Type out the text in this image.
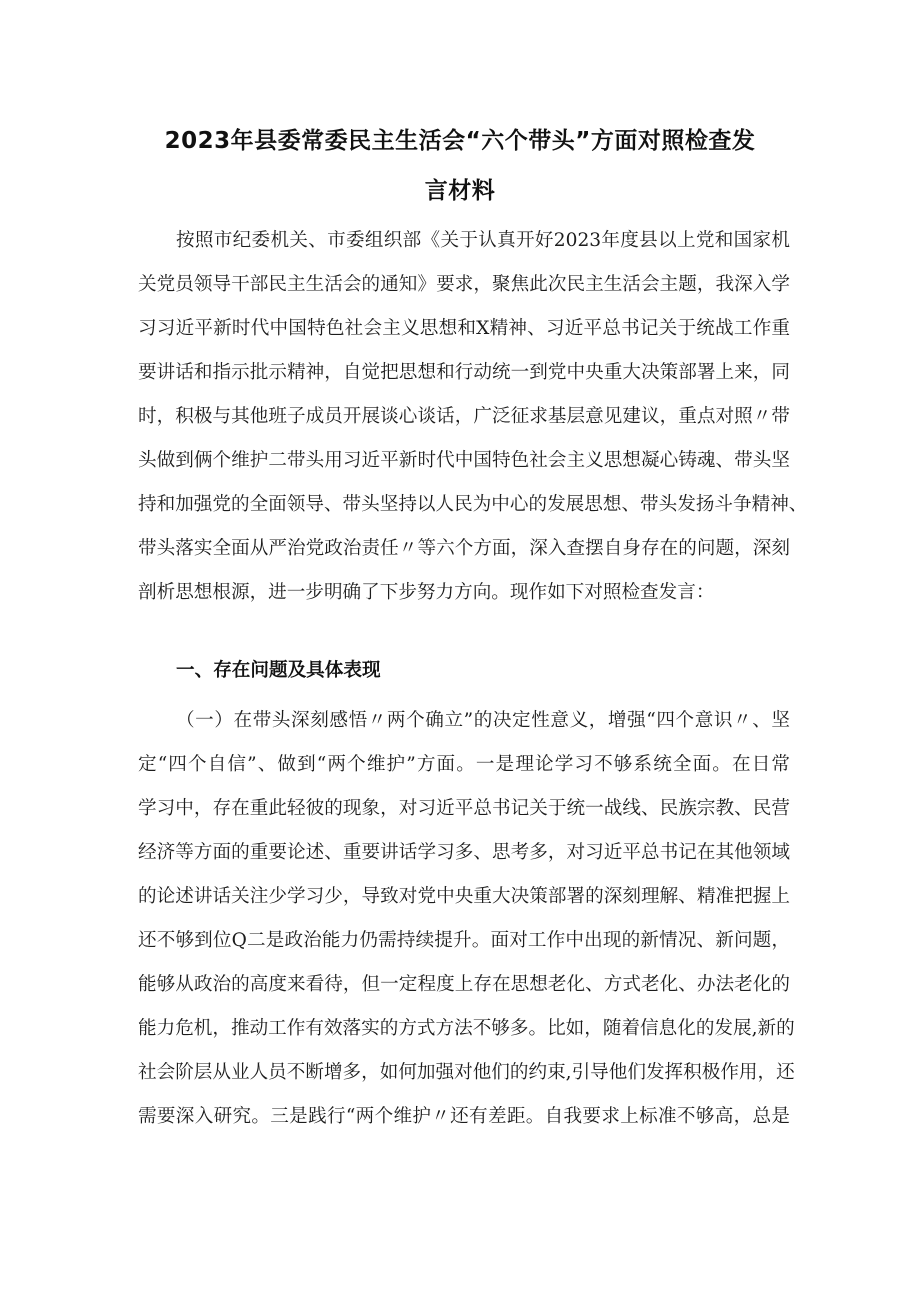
2023年县委常委民主生活会“六个带头”方面对照检查发
言材料
按照市纪委机关、市委组织部《关于认真开好2023年度县以上党和国家机
关党员领导干部民主生活会的通知》要求，聚焦此次民主生活会主题，我深入学
习习近平新时代中国特色社会主义思想和X精神、习近平总书记关于统战工作重
要讲话和指示批示精神，自觉把思想和行动统一到党中央重大决策部署上来，同
时，积极与其他班子成员开展谈心谈话，广泛征求基层意见建议，重点对照〃带
头做到俩个维护二带头用习近平新时代中国特色社会主义思想凝心铸魂、带头坚
持和加强党的全面领导、带头坚持以人民为中心的发展思想、带头发扬斗争精神、
带头落实全面从严治党政治责任〃等六个方面，深入查摆自身存在的问题，深刻
剖析思想根源，进一步明确了下步努力方向。现作如下对照检查发言：
一、存在问题及具体表现
（一）在带头深刻感悟〃两个确立”的决定性意义，增强“四个意识〃、坚
定“四个自信”、做到“两个维护”方面。一是理论学习不够系统全面。在日常
学习中，存在重此轻彼的现象，对习近平总书记关于统一战线、民族宗教、民营
经济等方面的重要论述、重要讲话学习多、思考多，对习近平总书记在其他领域
的论述讲话关注少学习少，导致对党中央重大决策部署的深刻理解、精准把握上
还不够到位Q二是政治能力仍需持续提升。面对工作中出现的新情况、新问题，
能够从政治的高度来看待，但一定程度上存在思想老化、方式老化、办法老化的
能力危机，推动工作有效落实的方式方法不够多。比如，随着信息化的发展,新的
社会阶层从业人员不断增多，如何加强对他们的约束,引导他们发挥积极作用，还
需要深入研究。三是践行“两个维护〃还有差距。自我要求上标准不够高，总是
